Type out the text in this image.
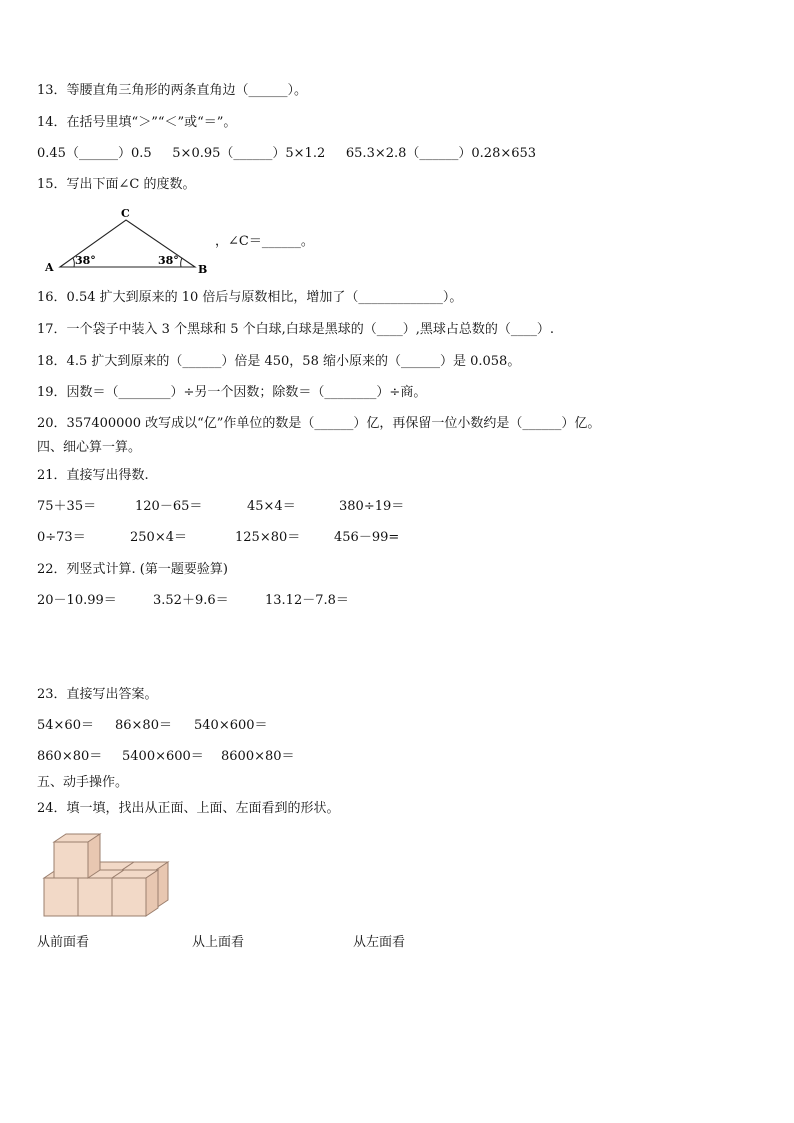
13．等腰直角三角形的两条直角边（______）。
14．在括号里填“＞”“＜”或“＝”。
0.45（______）0.5     5×0.95（______）5×1.2     65.3×2.8（______）0.28×653
15．写出下面∠C 的度数。
A	B
C
38°	38°
，∠C＝______。
16．0.54 扩大到原来的 10 倍后与原数相比，增加了（_____________）。
17．一个袋子中装入 3 个黑球和 5 个白球,白球是黑球的（____）,黑球占总数的（____）.
18．4.5 扩大到原来的（______）倍是 450，58 缩小原来的（______）是 0.058。
19．因数＝（________）÷另一个因数；除数＝（________）÷商。
20．357400000 改写成以“亿”作单位的数是（______）亿，再保留一位小数约是（______）亿。
四、细心算一算。
21．直接写出得数.
75＋35＝	120－65＝	45×4＝	380÷19＝
0÷73＝	250×4＝	125×80＝	456－99=
22．列竖式计算. (第一题要验算)
20－10.99＝	3.52＋9.6＝	13.12－7.8＝
23．直接写出答案。
54×60＝ 86×80＝ 540×600＝
860×80＝ 5400×600＝ 8600×80＝
五、动手操作。
24．填一填，找出从正面、上面、左面看到的形状。
从前面看	从上面看	从左面看
